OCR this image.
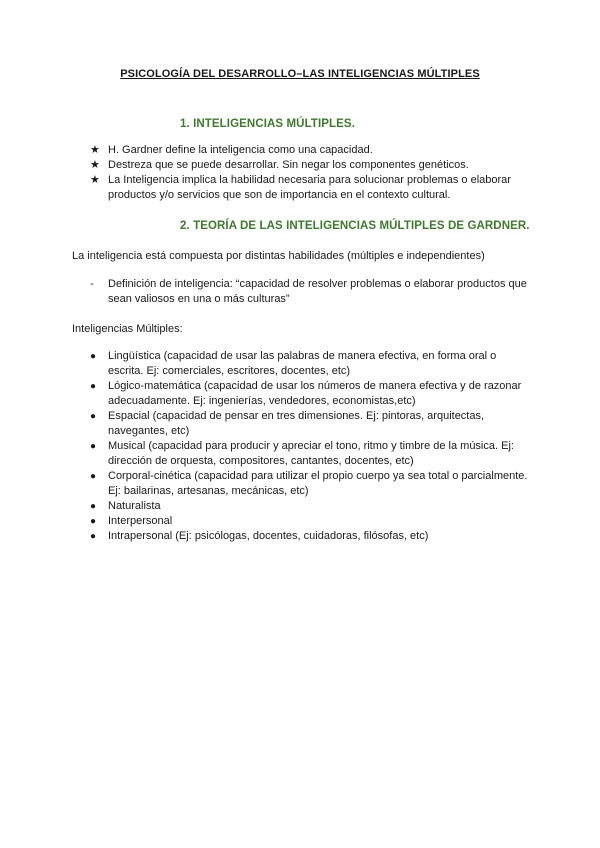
PSICOLOGÍA DEL DESARROLLO–LAS INTELIGENCIAS MÚLTIPLES
1. INTELIGENCIAS MÚLTIPLES.
★ H. Gardner define la inteligencia como una capacidad.
★ Destreza que se puede desarrollar. Sin negar los componentes genéticos.
★ La Inteligencia implica la habilidad necesaria para solucionar problemas o elaborar productos y/o servicios que son de importancia en el contexto cultural.
2. TEORÍA DE LAS INTELIGENCIAS MÚLTIPLES DE GARDNER.
La inteligencia está compuesta por distintas habilidades (múltiples e independientes)
- Definición de inteligencia: “capacidad de resolver problemas o elaborar productos que sean valiosos en una o más culturas”
Inteligencias Múltiples:
● Lingüística (capacidad de usar las palabras de manera efectiva, en forma oral o escrita. Ej: comerciales, escritores, docentes, etc)
● Lógico-matemática (capacidad de usar los números de manera efectiva y de razonar adecuadamente. Ej: ingenierías, vendedores, economistas,etc)
● Espacial (capacidad de pensar en tres dimensiones. Ej: pintoras, arquitectas, navegantes, etc)
● Musical (capacidad para producir y apreciar el tono, ritmo y timbre de la música. Ej: dirección de orquesta, compositores, cantantes, docentes, etc)
● Corporal-cinética (capacidad para utilizar el propio cuerpo ya sea total o parcialmente. Ej: bailarinas, artesanas, mecánicas, etc)
● Naturalista
● Interpersonal
● Intrapersonal (Ej: psicólogas, docentes, cuidadoras, filósofas, etc)
